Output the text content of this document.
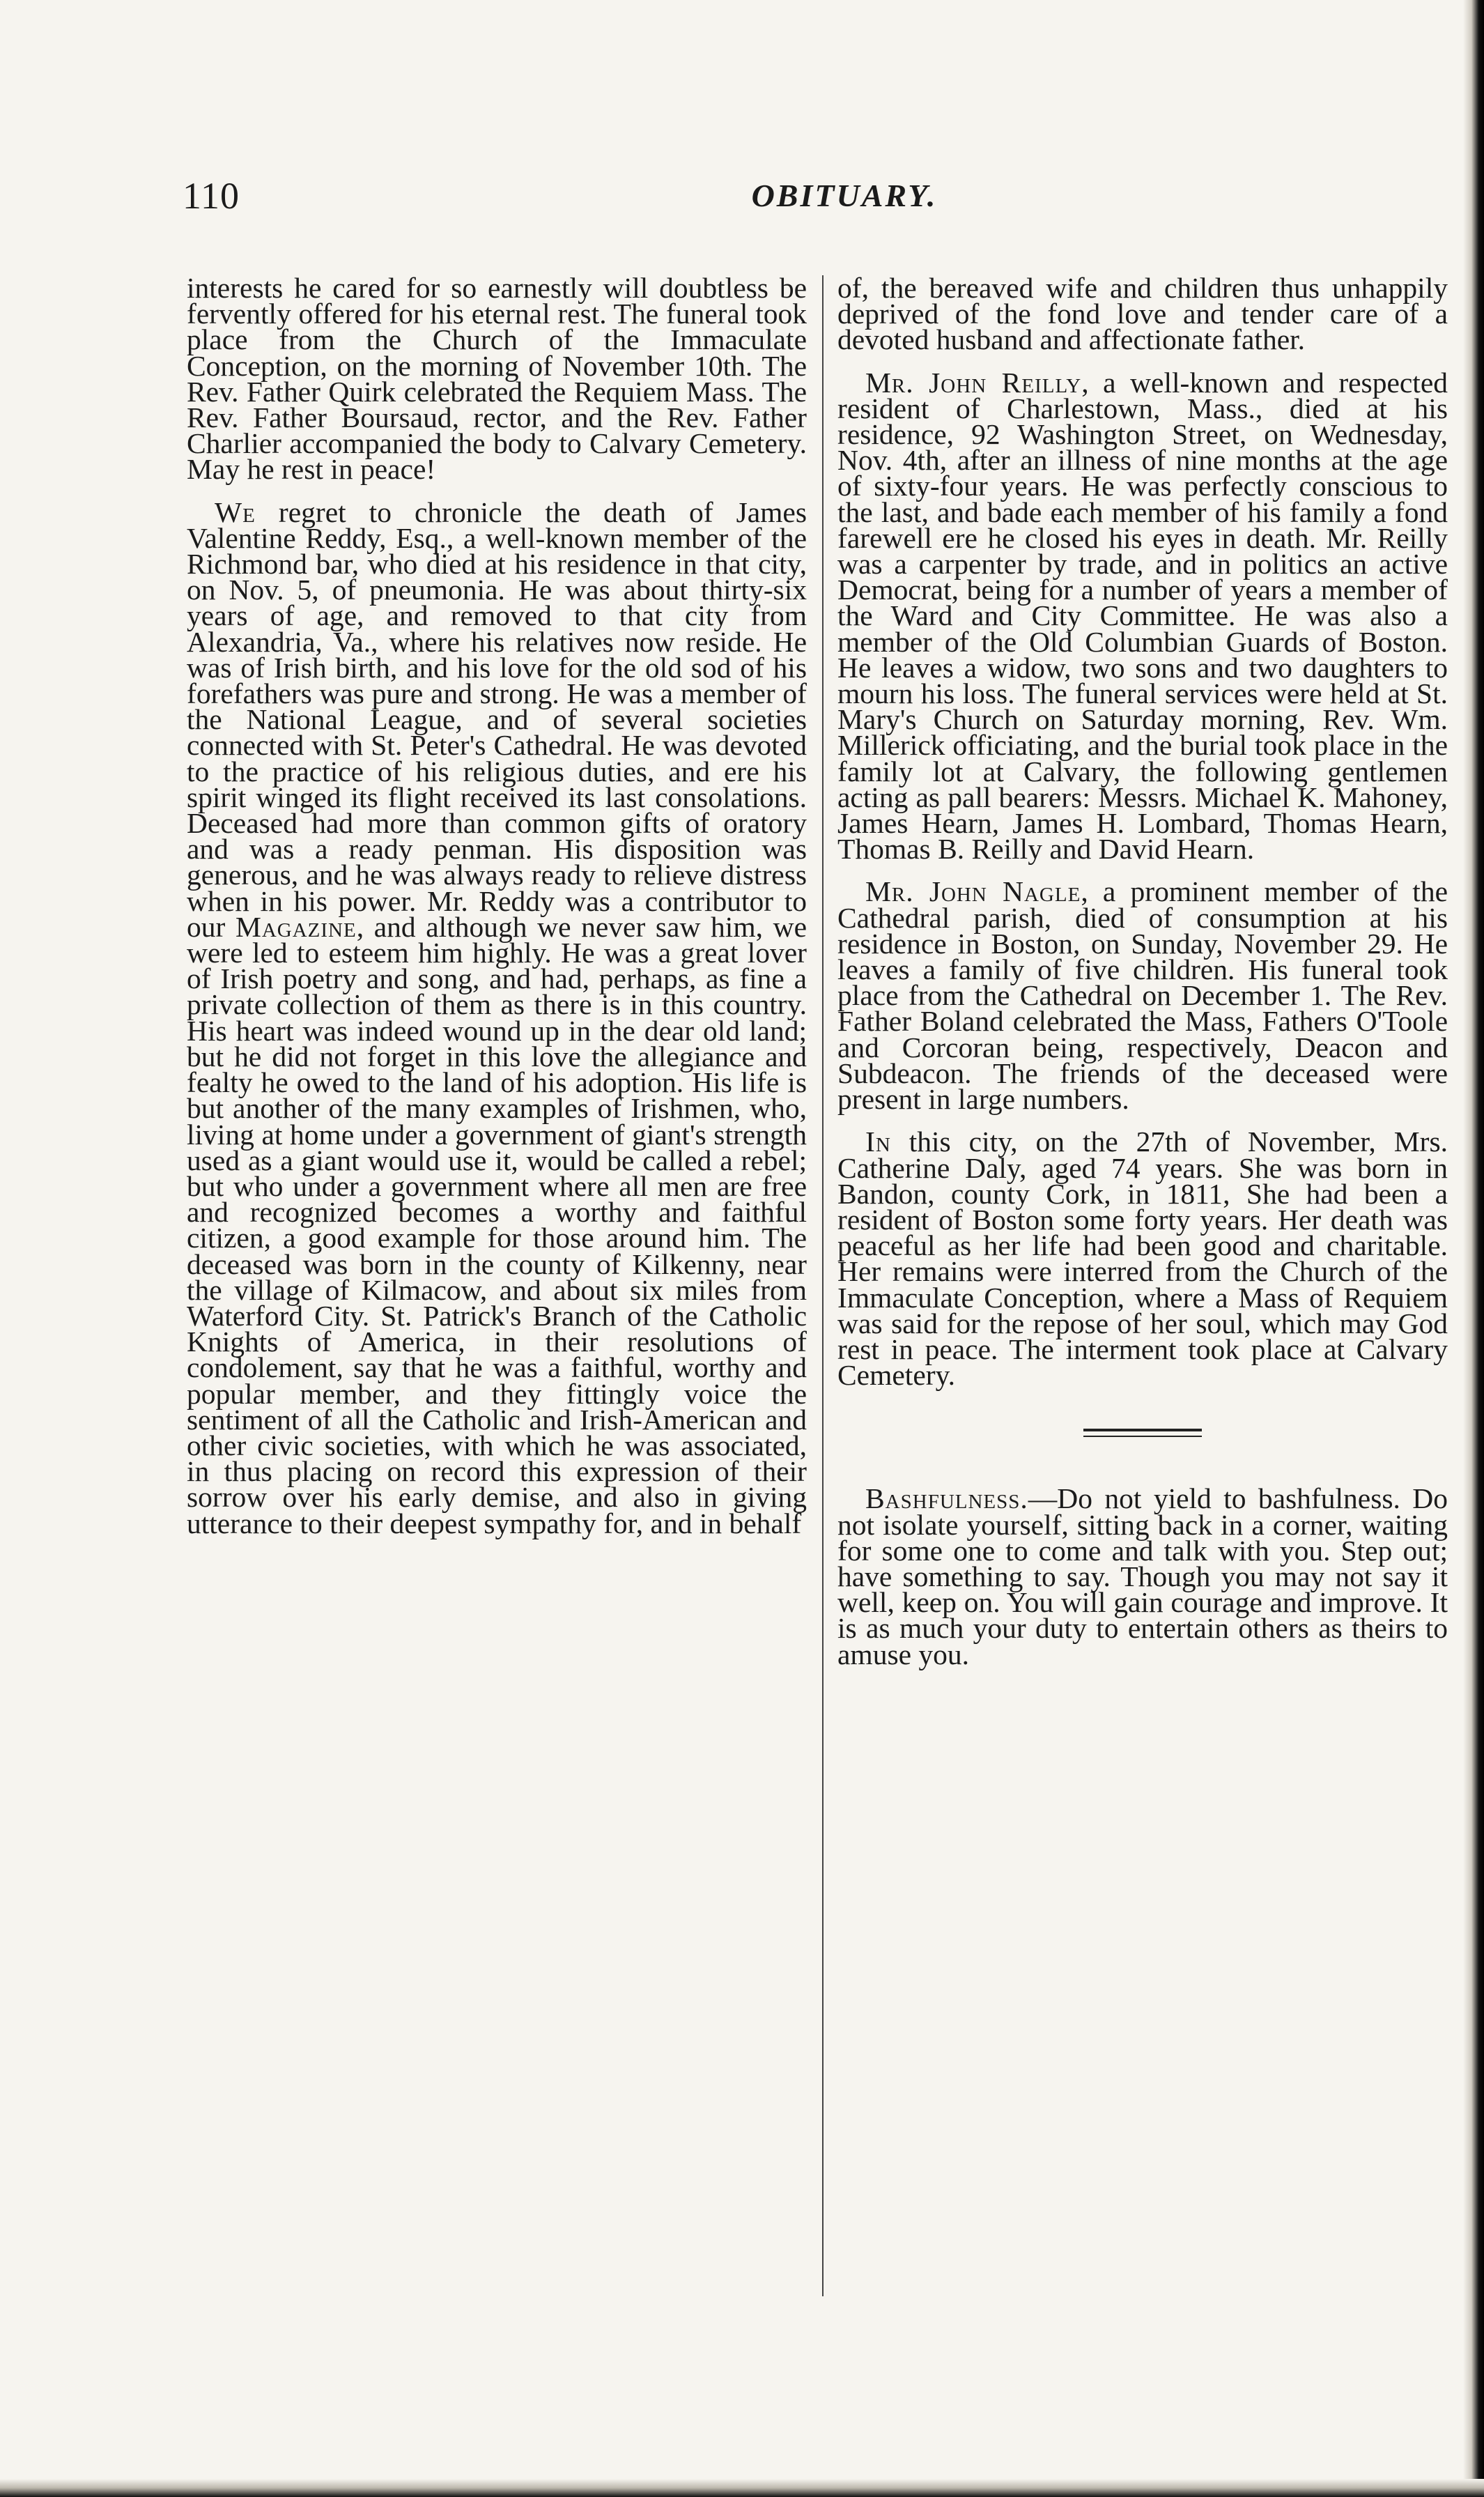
110	OBITUARY.

interests he cared for so earnestly will doubtless be fervently offered for his eternal rest. The funeral took place from the Church of the Immaculate Conception, on the morning of November 10th. The Rev. Father Quirk celebrated the Requiem Mass. The Rev. Father Boursaud, rector, and the Rev. Father Charlier accompanied the body to Calvary Cemetery. May he rest in peace!

We regret to chronicle the death of James Valentine Reddy, Esq., a well-known member of the Richmond bar, who died at his residence in that city, on Nov. 5, of pneumonia. He was about thirty-six years of age, and removed to that city from Alexandria, Va., where his relatives now reside. He was of Irish birth, and his love for the old sod of his forefathers was pure and strong. He was a member of the National League, and of several societies connected with St. Peter's Cathedral. He was devoted to the practice of his religious duties, and ere his spirit winged its flight received its last consolations. Deceased had more than common gifts of oratory and was a ready penman. His disposition was generous, and he was always ready to relieve distress when in his power. Mr. Reddy was a contributor to our Magazine, and although we never saw him, we were led to esteem him highly. He was a great lover of Irish poetry and song, and had, perhaps, as fine a private collection of them as there is in this country. His heart was indeed wound up in the dear old land; but he did not forget in this love the allegiance and fealty he owed to the land of his adoption. His life is but another of the many examples of Irishmen, who, living at home under a government of giant's strength used as a giant would use it, would be called a rebel; but who under a government where all men are free and recognized becomes a worthy and faithful citizen, a good example for those around him. The deceased was born in the county of Kilkenny, near the village of Kilmacow, and about six miles from Waterford City. St. Patrick's Branch of the Catholic Knights of America, in their resolutions of condolement, say that he was a faithful, worthy and popular member, and they fittingly voice the sentiment of all the Catholic and Irish-American and other civic societies, with which he was associated, in thus placing on record this expression of their sorrow over his early demise, and also in giving utterance to their deepest sympathy for, and in behalf

of, the bereaved wife and children thus unhappily deprived of the fond love and tender care of a devoted husband and affectionate father.

Mr. John Reilly, a well-known and respected resident of Charlestown, Mass., died at his residence, 92 Washington Street, on Wednesday, Nov. 4th, after an illness of nine months at the age of sixty-four years. He was perfectly conscious to the last, and bade each member of his family a fond farewell ere he closed his eyes in death. Mr. Reilly was a carpenter by trade, and in politics an active Democrat, being for a number of years a member of the Ward and City Committee. He was also a member of the Old Columbian Guards of Boston. He leaves a widow, two sons and two daughters to mourn his loss. The funeral services were held at St. Mary's Church on Saturday morning, Rev. Wm. Millerick officiating, and the burial took place in the family lot at Calvary, the following gentlemen acting as pall bearers: Messrs. Michael K. Mahoney, James Hearn, James H. Lombard, Thomas Hearn, Thomas B. Reilly and David Hearn.

Mr. John Nagle, a prominent member of the Cathedral parish, died of consumption at his residence in Boston, on Sunday, November 29. He leaves a family of five children. His funeral took place from the Cathedral on December 1. The Rev. Father Boland celebrated the Mass, Fathers O'Toole and Corcoran being, respectively, Deacon and Subdeacon. The friends of the deceased were present in large numbers.

In this city, on the 27th of November, Mrs. Catherine Daly, aged 74 years. She was born in Bandon, county Cork, in 1811, She had been a resident of Boston some forty years. Her death was peaceful as her life had been good and charitable. Her remains were interred from the Church of the Immaculate Conception, where a Mass of Requiem was said for the repose of her soul, which may God rest in peace. The interment took place at Calvary Cemetery.

Bashfulness.—Do not yield to bashfulness. Do not isolate yourself, sitting back in a corner, waiting for some one to come and talk with you. Step out; have something to say. Though you may not say it well, keep on. You will gain courage and improve. It is as much your duty to entertain others as theirs to amuse you.
